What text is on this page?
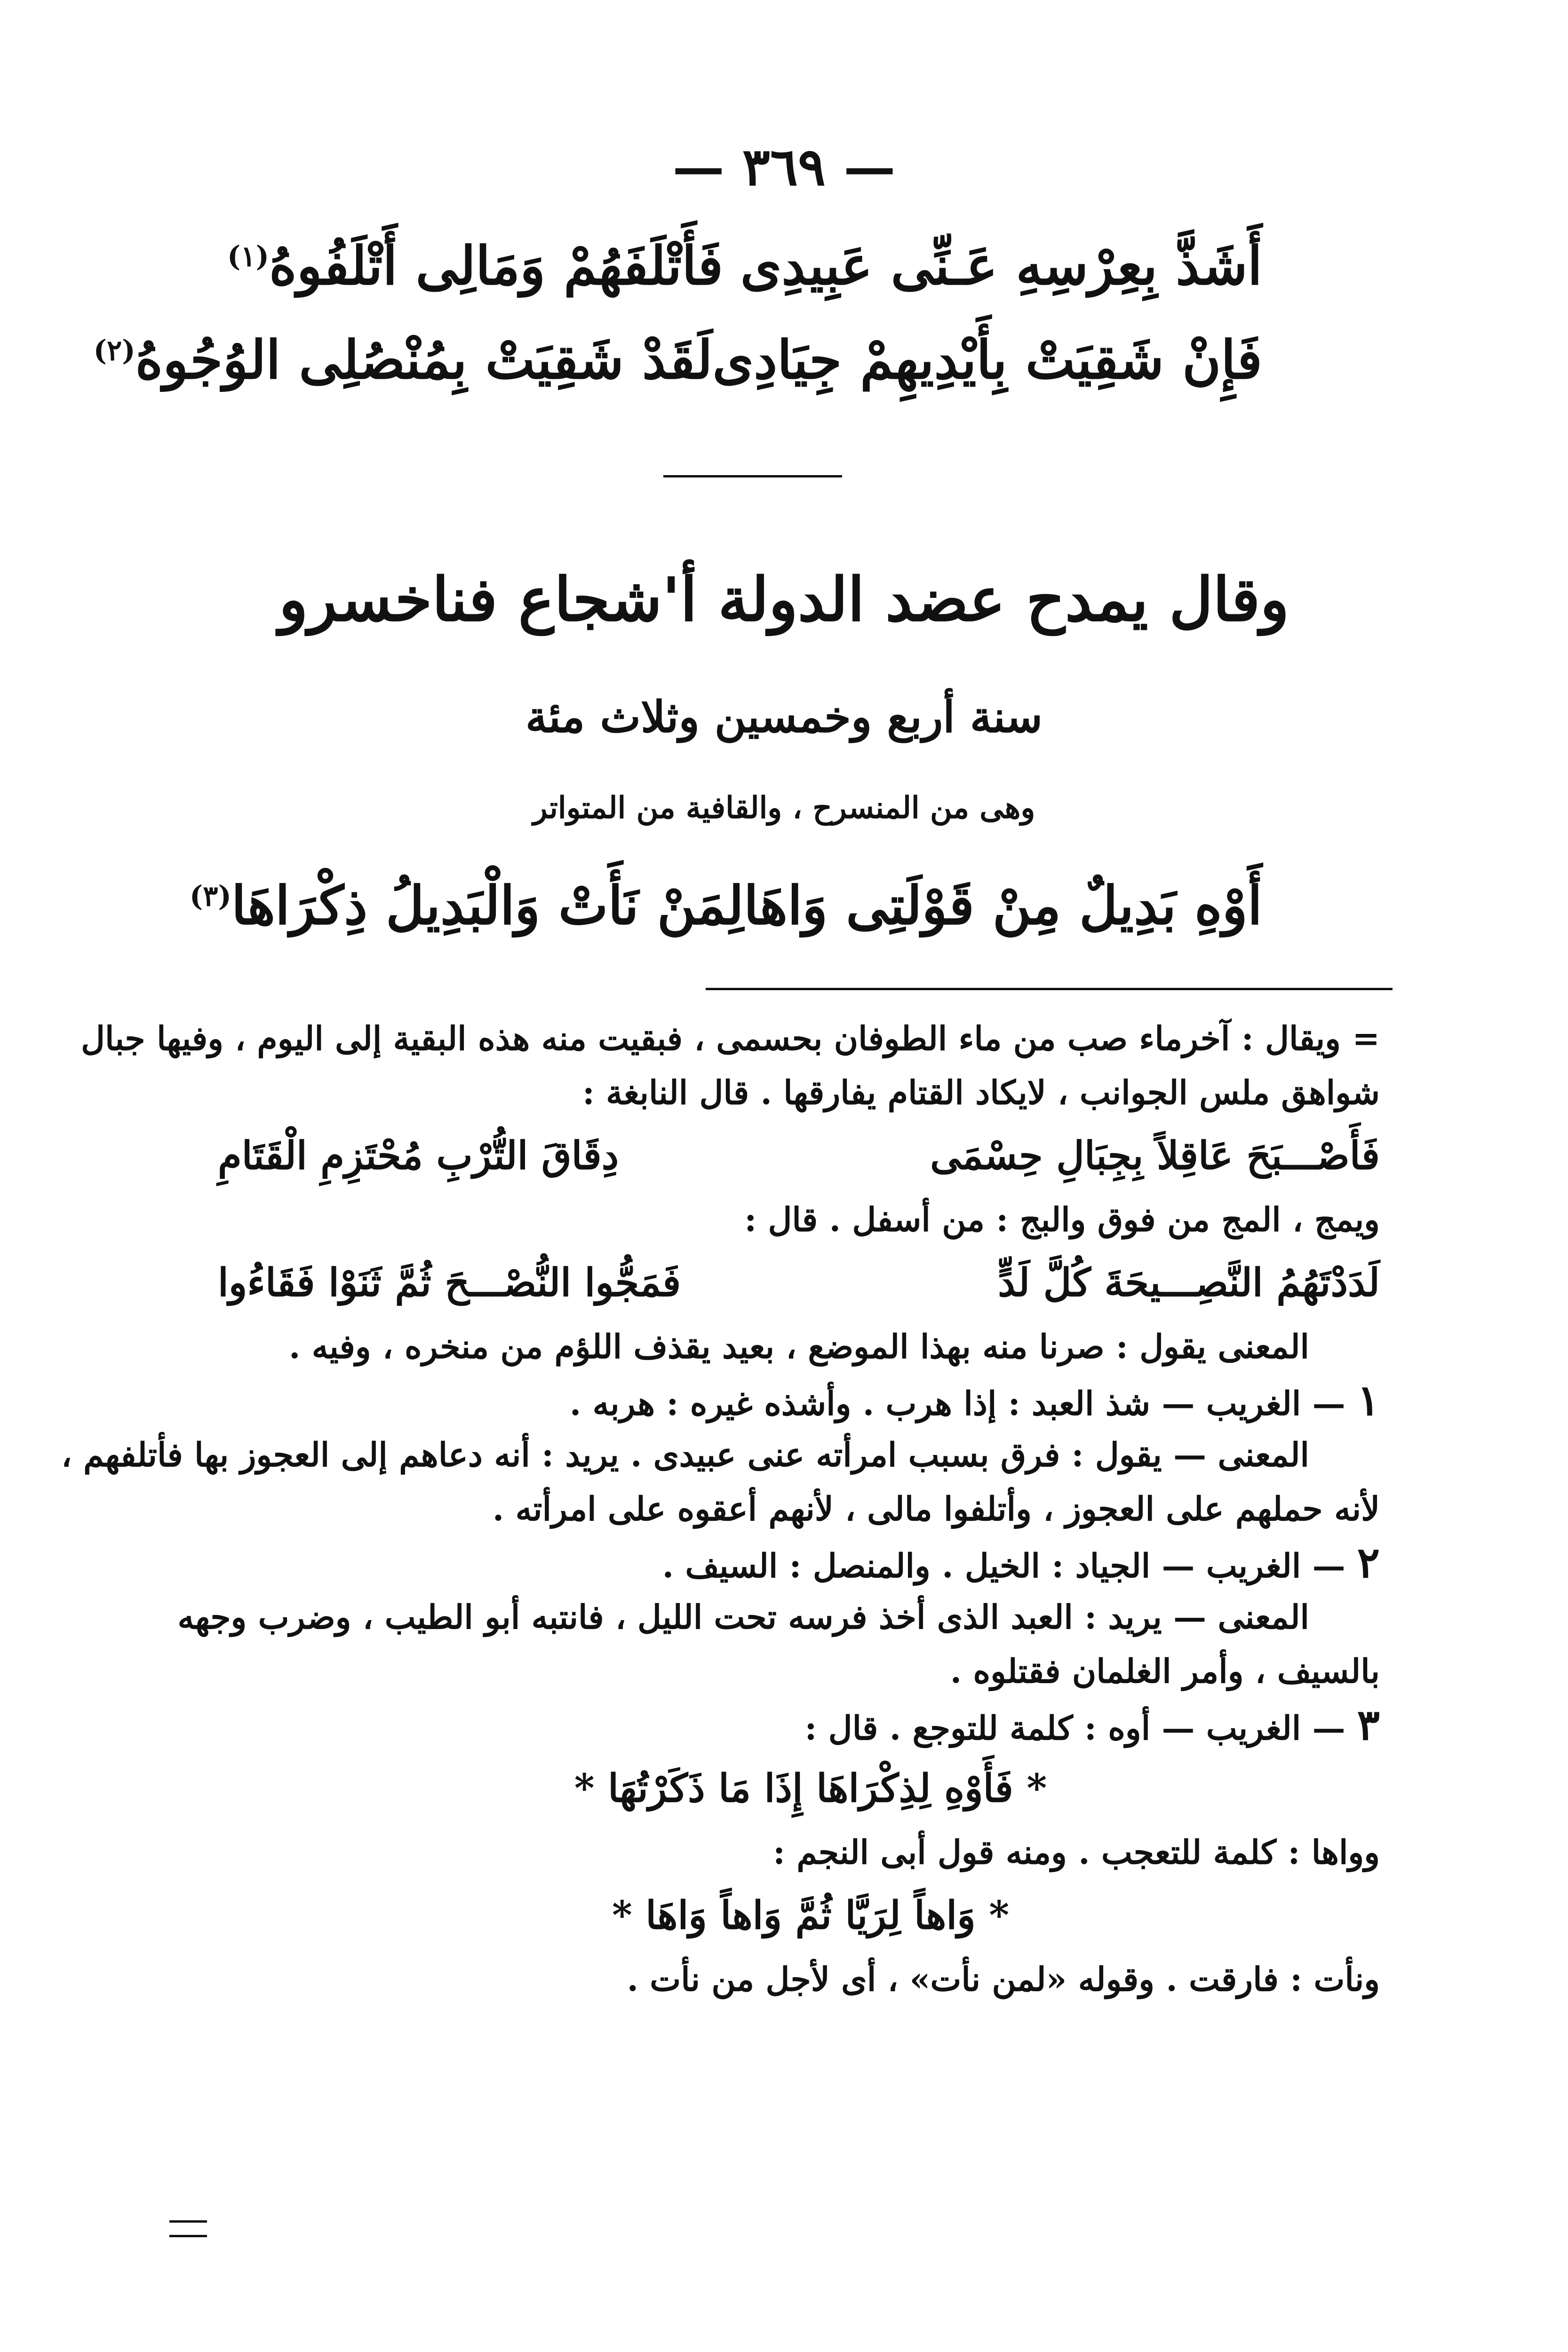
— ٣٦٩ —
أَشَذَّ بِعِرْسِهِ عَـنِّى عَبِيدِى
فَأَتْلَفَهُمْ وَمَالِى أَتْلَفُوهُ$^{(١)}$
فَإِنْ شَقِيَتْ بِأَيْدِيهِمْ جِيَادِى
لَقَدْ شَقِيَتْ بِمُنْصُلِى الوُجُوهُ$^{(٢)}$
وقال يمدح عضد الدولة أ'شجاع فناخسرو
سنة أربع وخمسين وثلاث مئة
وهى من المنسرح ، والقافية من المتواتر
أَوْهِ بَدِيلٌ مِنْ قَوْلَتِى وَاهَا
لِمَنْ نَأَتْ وَالْبَدِيلُ ذِكْرَاهَا$^{(٣)}$
= ويقال : آخرماء صب من ماء الطوفان بحسمى ، فبقيت منه هذه البقية إلى اليوم ، وفيها جبال
شواهق ملس الجوانب ، لايكاد القتام يفارقها . قال النابغة :
فَأَصْـــبَحَ عَاقِلاً بِجِبَالِ حِسْمَى
دِقَاقَ التُّرْبِ مُحْتَزِمِ الْقَتَامِ
ويمج ، المج من فوق والبج : من أسفل . قال :
لَدَدْتَهُمُ النَّصِـــيحَةَ كُلَّ لَدٍّ
فَمَجُّوا النُّصْـــحَ ثُمَّ ثَنَوْا فَقَاءُوا
المعنى يقول : صرنا منه بهذا الموضع ، بعيد يقذف اللؤم من منخره ، وفيه .
١— الغريب — شذ العبد : إذا هرب . وأشذه غيره : هربه .
المعنى — يقول : فرق بسبب امرأته عنى عبيدى . يريد : أنه دعاهم إلى العجوز بها فأتلفهم ،
لأنه حملهم على العجوز ، وأتلفوا مالى ، لأنهم أعقوه على امرأته .
٢— الغريب — الجياد : الخيل . والمنصل : السيف .
المعنى — يريد : العبد الذى أخذ فرسه تحت الليل ، فانتبه أبو الطيب ، وضرب وجهه
بالسيف ، وأمر الغلمان فقتلوه .
٣— الغريب — أوه : كلمة للتوجع . قال :
* فَأَوْهِ لِذِكْرَاهَا إِذَا مَا ذَكَرْتُهَا *
وواها : كلمة للتعجب . ومنه قول أبى النجم :
* وَاهاً لِرَيَّا ثُمَّ وَاهاً وَاهَا *
ونأت : فارقت . وقوله «لمن نأت» ، أى لأجل من نأت .
